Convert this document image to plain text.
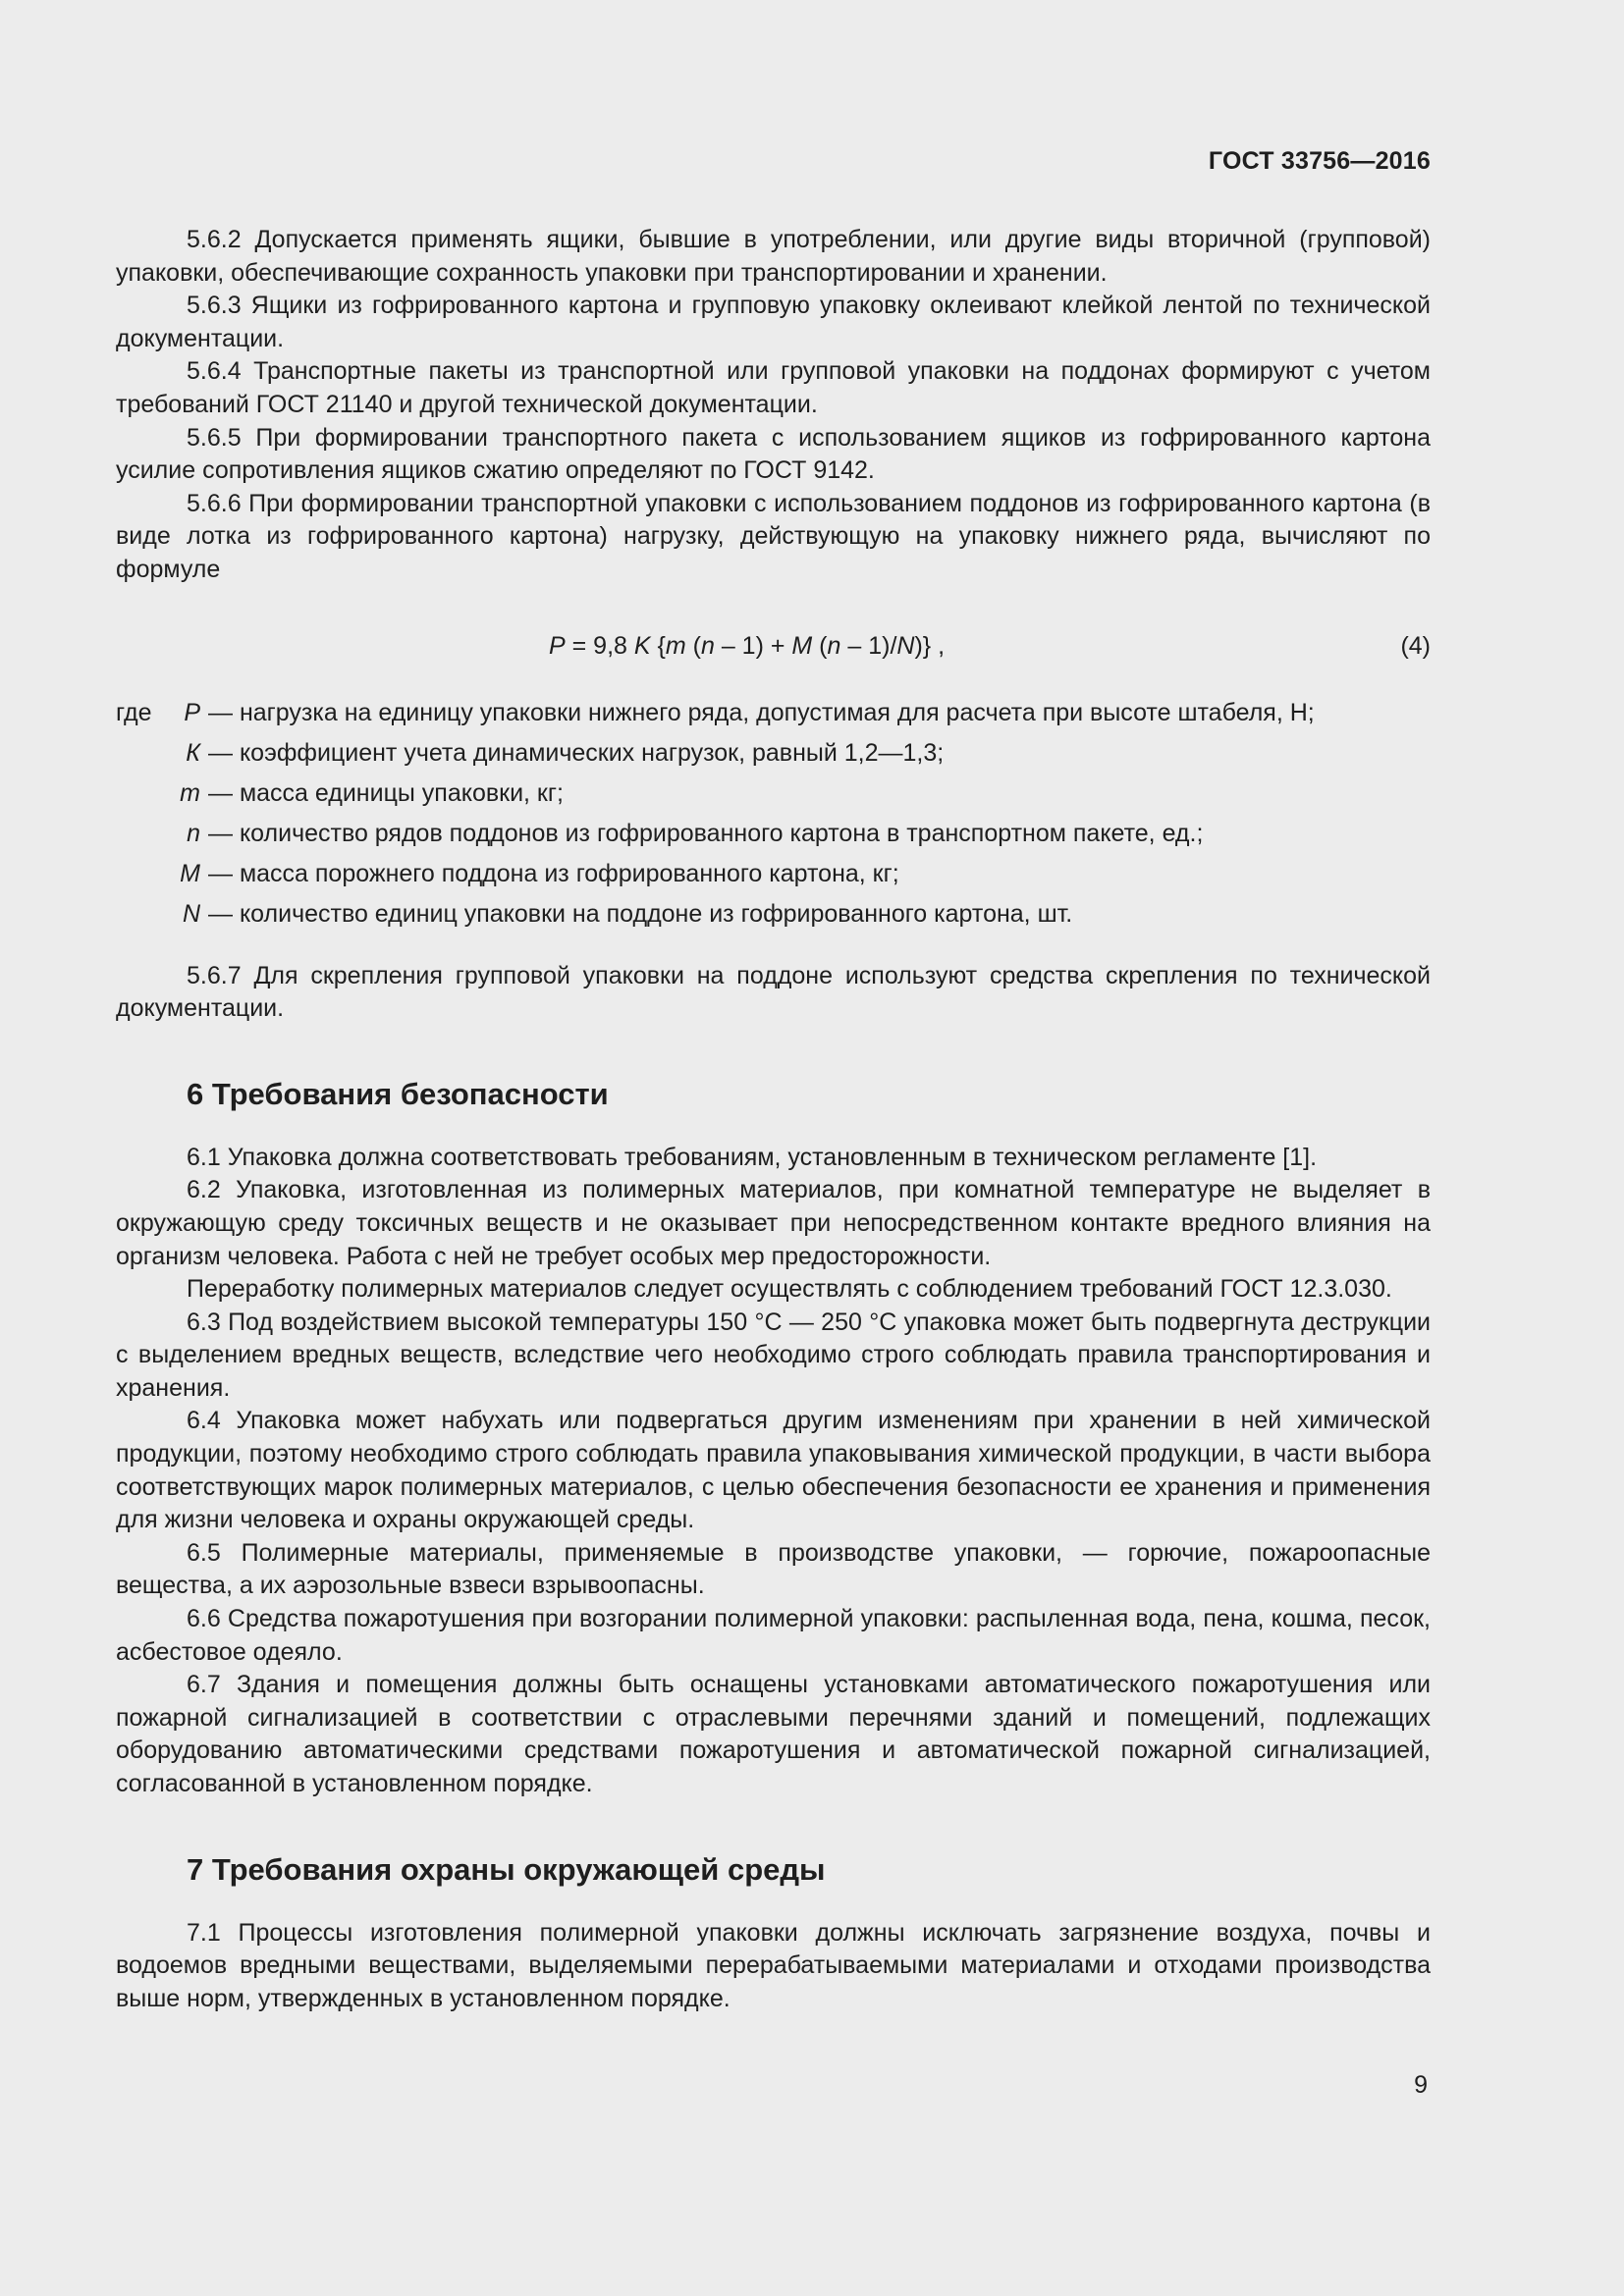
ГОСТ 33756—2016

5.6.2 Допускается применять ящики, бывшие в употреблении, или другие виды вторичной (групповой) упаковки, обеспечивающие сохранность упаковки при транспортировании и хранении.

5.6.3 Ящики из гофрированного картона и групповую упаковку оклеивают клейкой лентой по технической документации.

5.6.4 Транспортные пакеты из транспортной или групповой упаковки на поддонах формируют с учетом требований ГОСТ 21140 и другой технической документации.

5.6.5 При формировании транспортного пакета с использованием ящиков из гофрированного картона усилие сопротивления ящиков сжатию определяют по ГОСТ 9142.

5.6.6 При формировании транспортной упаковки с использованием поддонов из гофрированного картона (в виде лотка из гофрированного картона) нагрузку, действующую на упаковку нижнего ряда, вычисляют по формуле

P = 9,8 K {m (n – 1) + M (n – 1)/N)} ,	(4)
где	P — нагрузка на единицу упаковки нижнего ряда, допустимая для расчета при высоте штабеля, Н;
К — коэффициент учета динамических нагрузок, равный 1,2—1,3;
m — масса единицы упаковки, кг;
n — количество рядов поддонов из гофрированного картона в транспортном пакете, ед.;
M — масса порожнего поддона из гофрированного картона, кг;
N — количество единиц упаковки на поддоне из гофрированного картона, шт.

5.6.7 Для скрепления групповой упаковки на поддоне используют средства скрепления по технической документации.

6 Требования безопасности

6.1 Упаковка должна соответствовать требованиям, установленным в техническом регламенте [1].

6.2 Упаковка, изготовленная из полимерных материалов, при комнатной температуре не выделяет в окружающую среду токсичных веществ и не оказывает при непосредственном контакте вредного влияния на организм человека. Работа с ней не требует особых мер предосторожности.

Переработку полимерных материалов следует осуществлять с соблюдением требований ГОСТ 12.3.030.

6.3 Под воздействием высокой температуры 150 °С — 250 °С упаковка может быть подвергнута деструкции с выделением вредных веществ, вследствие чего необходимо строго соблюдать правила транспортирования и хранения.

6.4 Упаковка может набухать или подвергаться другим изменениям при хранении в ней химической продукции, поэтому необходимо строго соблюдать правила упаковывания химической продукции, в части выбора соответствующих марок полимерных материалов, с целью обеспечения безопасности ее хранения и применения для жизни человека и охраны окружающей среды.

6.5 Полимерные материалы, применяемые в производстве упаковки, — горючие, пожароопасные вещества, а их аэрозольные взвеси взрывоопасны.

6.6 Средства пожаротушения при возгорании полимерной упаковки: распыленная вода, пена, кошма, песок, асбестовое одеяло.

6.7 Здания и помещения должны быть оснащены установками автоматического пожаротушения или пожарной сигнализацией в соответствии с отраслевыми перечнями зданий и помещений, подлежащих оборудованию автоматическими средствами пожаротушения и автоматической пожарной сигнализацией, согласованной в установленном порядке.

7 Требования охраны окружающей среды

7.1 Процессы изготовления полимерной упаковки должны исключать загрязнение воздуха, почвы и водоемов вредными веществами, выделяемыми перерабатываемыми материалами и отходами производства выше норм, утвержденных в установленном порядке.

9
